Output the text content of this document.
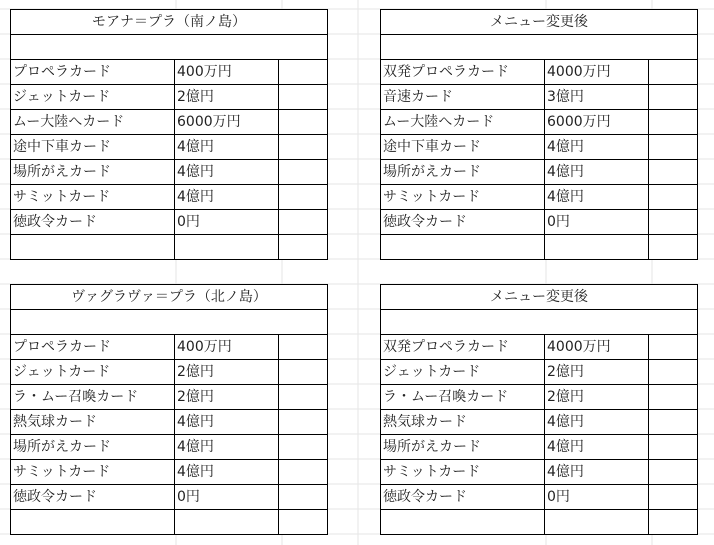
モアナ＝プラ（南ノ島）		

プロペラカード	400万円	
ジェットカード	2億円	
ムー大陸へカード	6000万円	
途中下車カード	4億円	
場所がえカード	4億円	
サミットカード	4億円	
徳政令カード	0円	

メニュー変更後		

双発プロペラカード	4000万円	
音速カード	3億円	
ムー大陸へカード	6000万円	
途中下車カード	4億円	
場所がえカード	4億円	
サミットカード	4億円	
徳政令カード	0円	

ヴァグラヴァ＝プラ（北ノ島）		

プロペラカード	400万円	
ジェットカード	2億円	
ラ・ムー召喚カード	2億円	
熱気球カード	4億円	
場所がえカード	4億円	
サミットカード	4億円	
徳政令カード	0円	

メニュー変更後		

双発プロペラカード	4000万円	
ジェットカード	2億円	
ラ・ムー召喚カード	2億円	
熱気球カード	4億円	
場所がえカード	4億円	
サミットカード	4億円	
徳政令カード	0円	
